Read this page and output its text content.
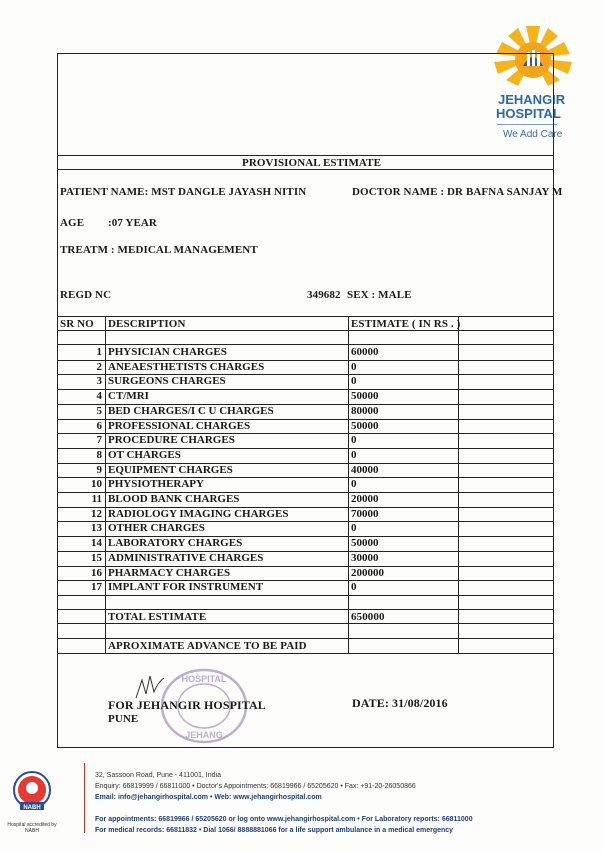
JEHANGIR
HOSPITAL
We Add Care
PROVISIONAL ESTIMATE
PATIENT NAME: MST DANGLE JAYASH NITIN	DOCTOR NAME : DR BAFNA SANJAY M
AGE :07 YEAR
TREATM : MEDICAL MANAGEMENT
REGD NC	349682 SEX : MALE
SR NO DESCRIPTION	ESTIMATE ( IN RS . )
1 PHYSICIAN CHARGES	60000
2 ANEAESTHETISTS CHARGES	0
3 SURGEONS CHARGES	0
4 CT/MRI	50000
5 BED CHARGES/I C U CHARGES	80000
6 PROFESSIONAL CHARGES	50000
7 PROCEDURE CHARGES	0
8 OT CHARGES	0
9 EQUIPMENT CHARGES	40000
10 PHYSIOTHERAPY	0
11 BLOOD BANK CHARGES	20000
12 RADIOLOGY IMAGING CHARGES	70000
13 OTHER CHARGES	0
14 LABORATORY CHARGES	50000
15 ADMINISTRATIVE CHARGES	30000
16 PHARMACY CHARGES	200000
17 IMPLANT FOR INSTRUMENT	0
TOTAL ESTIMATE	650000
APROXIMATE ADVANCE TO BE PAID
HOSPITAL
JEHANG
FOR JEHANGIR HOSPITAL
PUNE
DATE: 31/08/2016
NABH
Hospital accredited by NABH
32, Sassoon Road, Pune - 411001, India
Enquiry: 66819999 / 66811000 • Doctor's Appointments: 66819966 / 65205620 • Fax: +91-20-26050866
Email: info@jehangirhospital.com • Web: www.jehangirhospital.com
For appointments: 66819966 / 65205620 or log onto www.jehangirhospital.com • For Laboratory reports: 66811000
For medical records: 66811832 • Dial 1066/ 8888881066 for a life support ambulance in a medical emergency
